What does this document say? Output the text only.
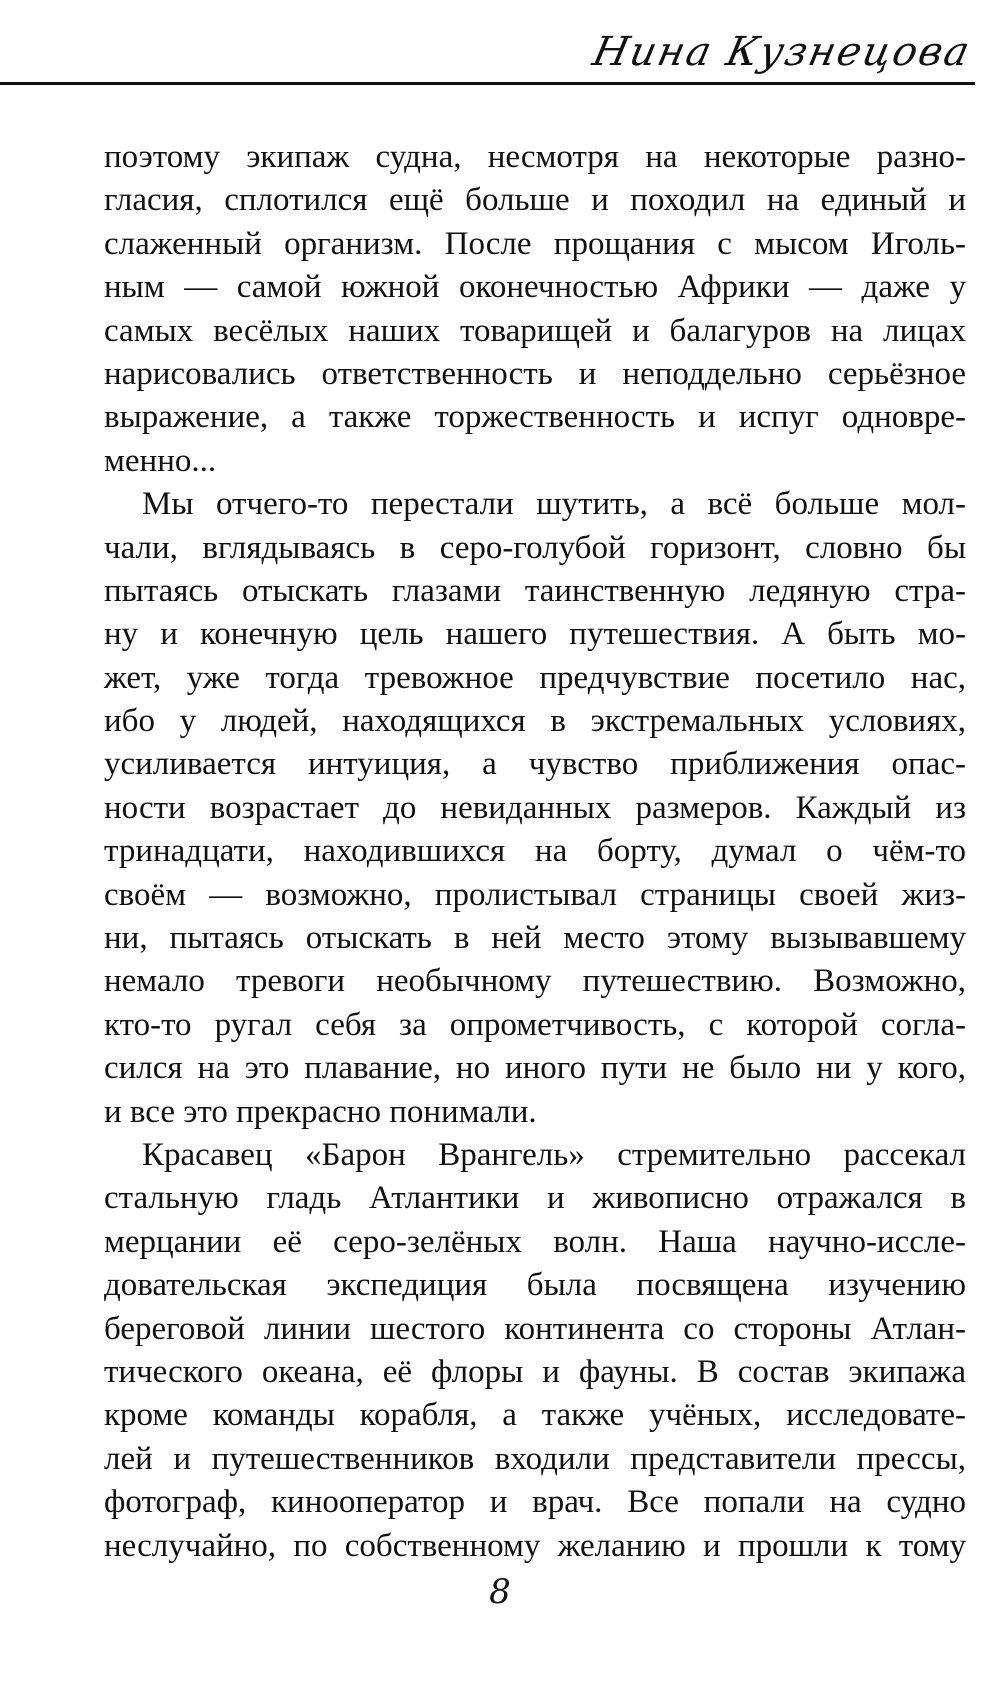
Нина Кузнецова
поэтому экипаж судна, несмотря на некоторые разно-
гласия, сплотился ещё больше и походил на единый и
слаженный организм. После прощания с мысом Иголь-
ным — самой южной оконечностью Африки — даже у
самых весёлых наших товарищей и балагуров на лицах
нарисовались ответственность и неподдельно серьёзное
выражение, а также торжественность и испуг одновре-
менно...
Мы отчего-то перестали шутить, а всё больше мол-
чали, вглядываясь в серо-голубой горизонт, словно бы
пытаясь отыскать глазами таинственную ледяную стра-
ну и конечную цель нашего путешествия. А быть мо-
жет, уже тогда тревожное предчувствие посетило нас,
ибо у людей, находящихся в экстремальных условиях,
усиливается интуиция, а чувство приближения опас-
ности возрастает до невиданных размеров. Каждый из
тринадцати, находившихся на борту, думал о чём-то
своём — возможно, пролистывал страницы своей жиз-
ни, пытаясь отыскать в ней место этому вызывавшему
немало тревоги необычному путешествию. Возможно,
кто-то ругал себя за опрометчивость, с которой согла-
сился на это плавание, но иного пути не было ни у кого,
и все это прекрасно понимали.
Красавец «Барон Врангель» стремительно рассекал
стальную гладь Атлантики и живописно отражался в
мерцании её серо-зелёных волн. Наша научно-иссле-
довательская экспедиция была посвящена изучению
береговой линии шестого континента со стороны Атлан-
тического океана, её флоры и фауны. В состав экипажа
кроме команды корабля, а также учёных, исследовате-
лей и путешественников входили представители прессы,
фотограф, кинооператор и врач. Все попали на судно
неслучайно, по собственному желанию и прошли к тому
8
